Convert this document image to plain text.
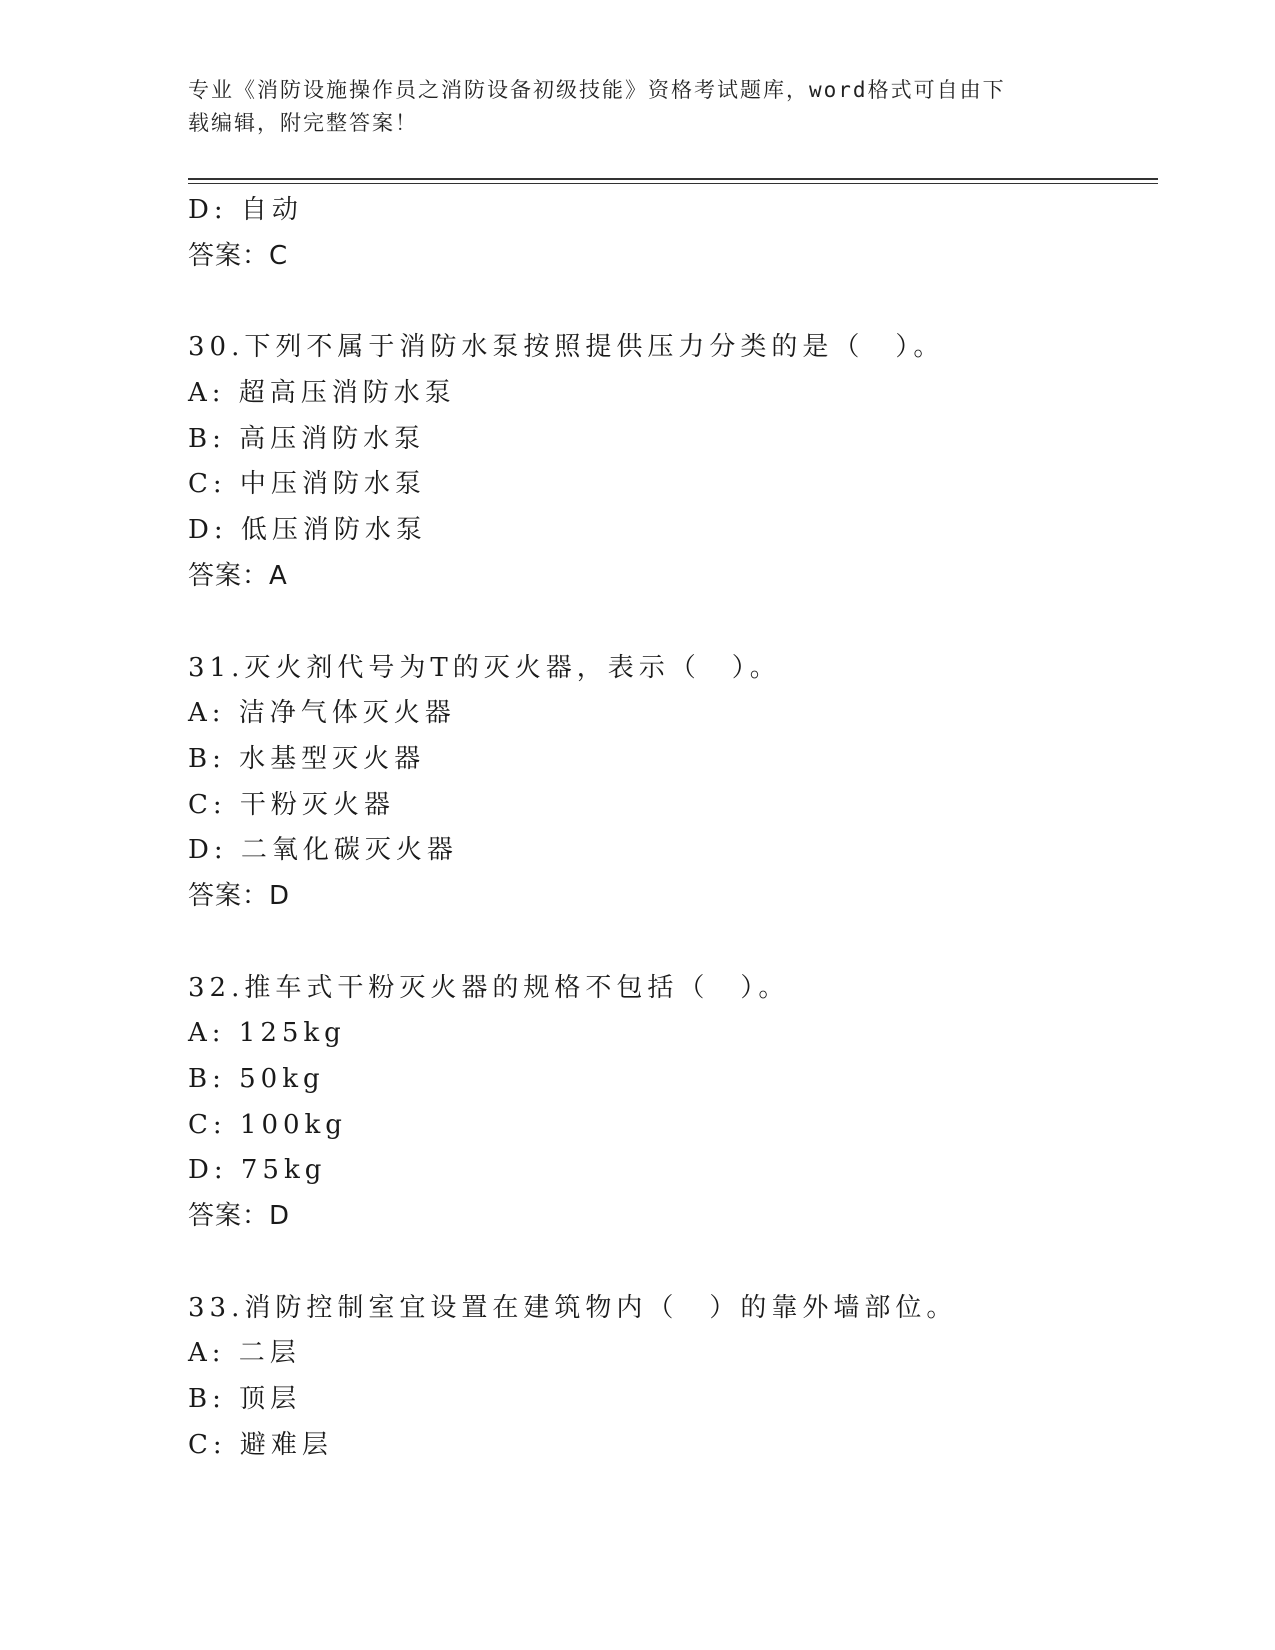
专业《消防设施操作员之消防设备初级技能》资格考试题库，word格式可自由下
载编辑，附完整答案！
D: 自动
答案：C
30.下列不属于消防水泵按照提供压力分类的是（　）。
A: 超高压消防水泵
B: 高压消防水泵
C: 中压消防水泵
D: 低压消防水泵
答案：A
31.灭火剂代号为T的灭火器，表示（　）。
A: 洁净气体灭火器
B: 水基型灭火器
C: 干粉灭火器
D: 二氧化碳灭火器
答案：D
32.推车式干粉灭火器的规格不包括（　）。
A: 125kg
B: 50kg
C: 100kg
D: 75kg
答案：D
33.消防控制室宜设置在建筑物内（　）的靠外墙部位。
A: 二层
B: 顶层
C: 避难层
